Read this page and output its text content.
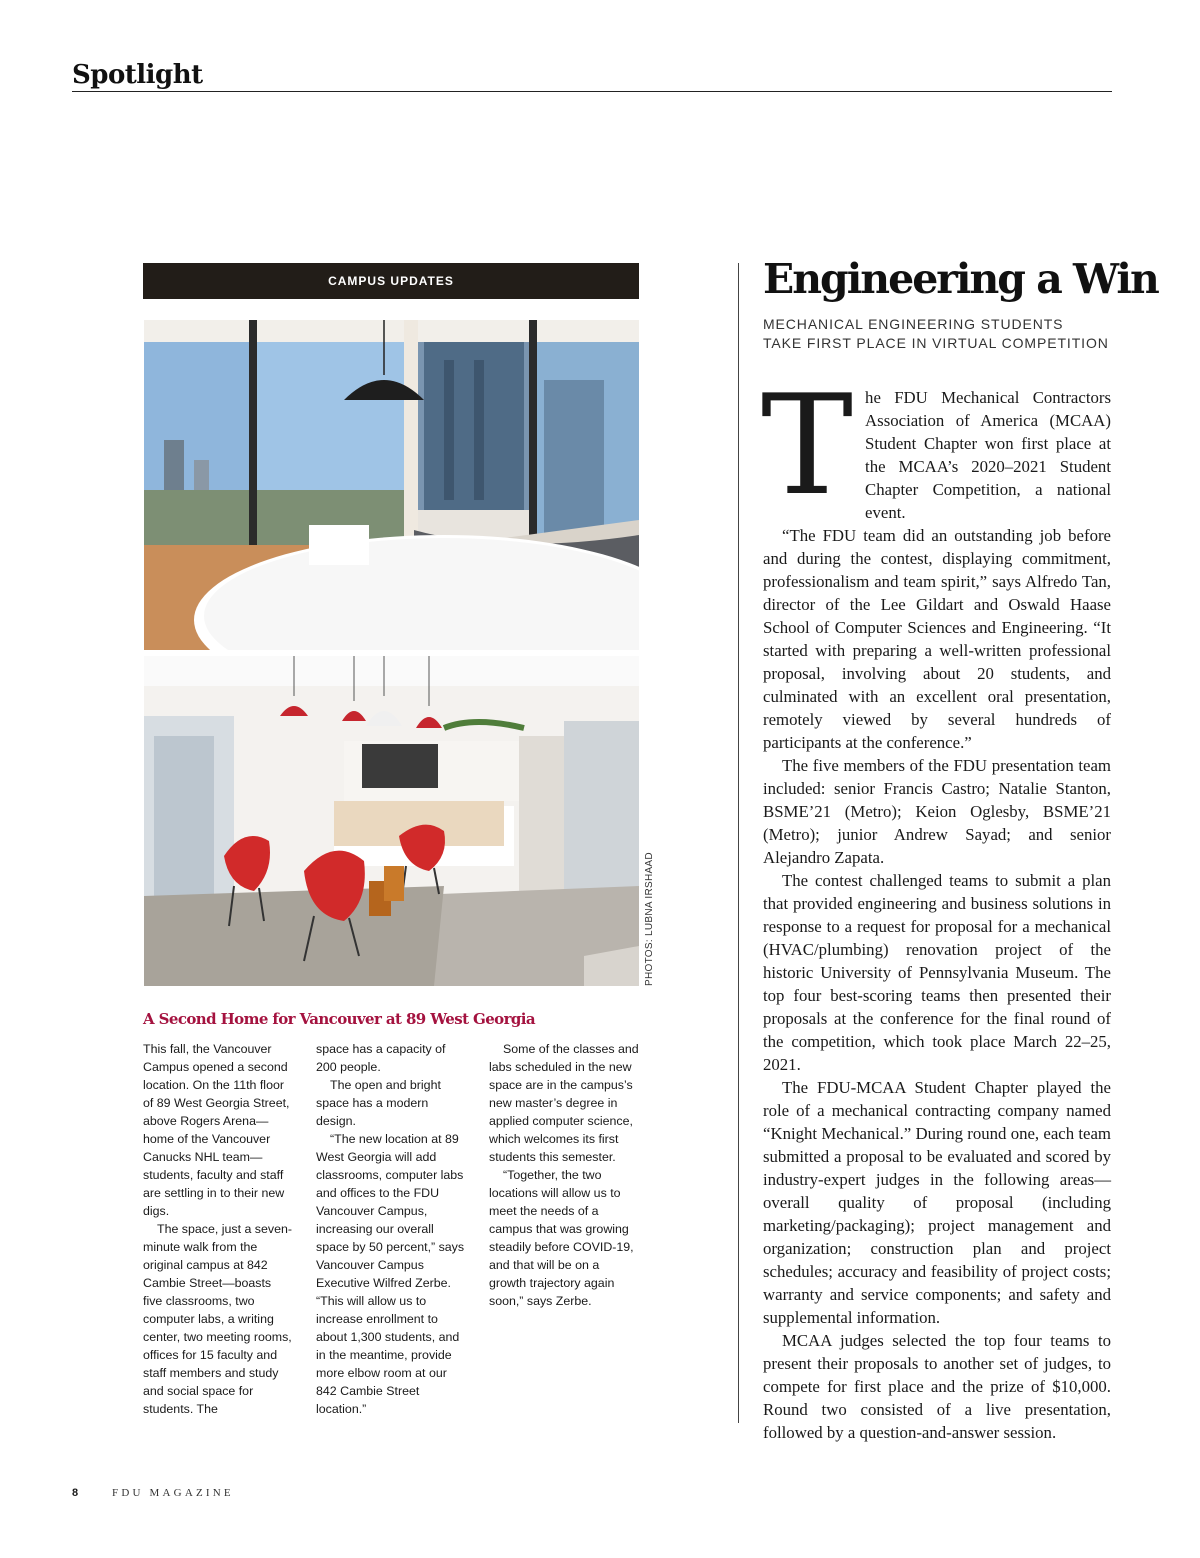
Spotlight
CAMPUS UPDATES
PHOTOS: LUBNA IRSHAAD
A Second Home for Vancouver at 89 West Georgia

This fall, the Vancouver Campus opened a second location. On the 11th floor of 89 West Georgia Street, above Rogers Arena—home of the Vancouver Canucks NHL team—students, faculty and staff are settling in to their new digs.

The space, just a seven-minute walk from the original campus at 842 Cambie Street—boasts five classrooms, two computer labs, a writing center, two meeting rooms, offices for 15 faculty and staff members and study and social space for students. The

space has a capacity of 200 people.

The open and bright space has a modern design.

“The new location at 89 West Georgia will add classrooms, computer labs and offices to the FDU Vancouver Campus, increasing our overall space by 50 percent,” says Vancouver Campus Executive Wilfred Zerbe. “This will allow us to increase enrollment to about 1,300 students, and in the meantime, provide more elbow room at our 842 Cambie Street location.”

Some of the classes and labs scheduled in the new space are in the campus’s new master’s degree in applied computer science, which welcomes its first students this semester.

“Together, the two locations will allow us to meet the needs of a campus that was growing steadily before COVID-19, and that will be on a growth trajectory again soon,” says Zerbe.

Engineering a Win
MECHANICAL ENGINEERING STUDENTS
TAKE FIRST PLACE IN VIRTUAL COMPETITION
T he FDU Mechanical Contractors Association of America (MCAA) Student Chapter won first place at the MCAA’s 2020–2021 Student Chapter Competition, a national event.

“The FDU team did an outstanding job before and during the contest, displaying commitment, professionalism and team spirit,” says Alfredo Tan, director of the Lee Gildart and Oswald Haase School of Computer Sciences and Engineering. “It started with preparing a well-written professional proposal, involving about 20 students, and culminated with an excellent oral presentation, remotely viewed by several hundreds of participants at the conference.”

The five members of the FDU presentation team included: senior Francis Castro; Natalie Stanton, BSME’21 (Metro); Keion Oglesby, BSME’21 (Metro); junior Andrew Sayad; and senior Alejandro Zapata.

The contest challenged teams to submit a plan that provided engineering and business solutions in response to a request for proposal for a mechanical (HVAC/plumbing) renovation project of the historic University of Pennsylvania Museum. The top four best-scoring teams then presented their proposals at the conference for the final round of the competition, which took place March 22–25, 2021.

The FDU-MCAA Student Chapter played the role of a mechanical contracting company named “Knight Mechanical.” During round one, each team submitted a proposal to be evaluated and scored by industry-expert judges in the following areas—overall quality of proposal (including marketing/packaging); project management and organization; construction plan and project schedules; accuracy and feasibility of project costs; warranty and service components; and safety and supplemental information.

MCAA judges selected the top four teams to present their proposals to another set of judges, to compete for first place and the prize of $10,000. Round two consisted of a live presentation, followed by a question-and-answer session.

8	FDU MAGAZINE
